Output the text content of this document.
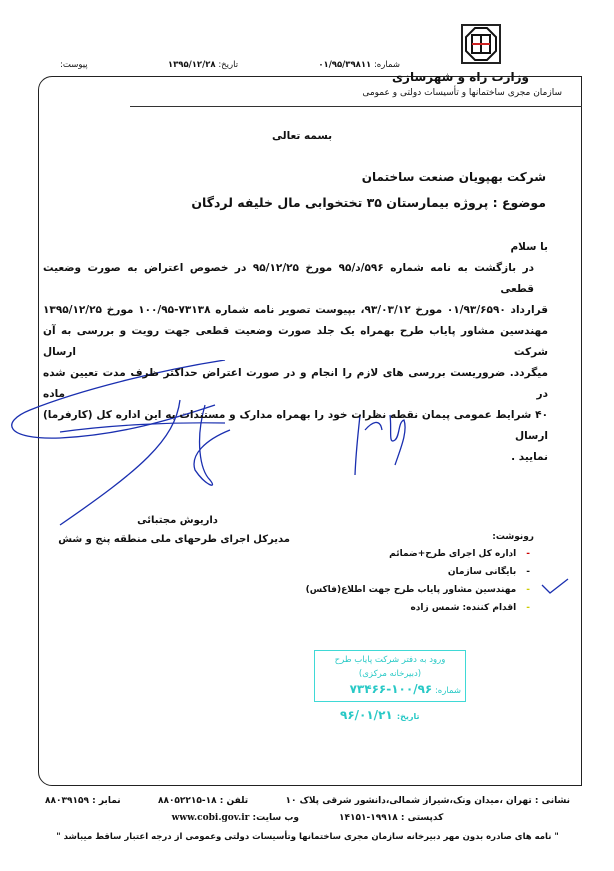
وزارت راه و شهرسازی
سازمان مجری ساختمانها و تأسیسات دولتی و عمومی
شماره: ۰۱/۹۵/۳۹۸۱۱
تاریخ: ۱۳۹۵/۱۲/۲۸
پیوست:
بسمه تعالی
شرکت بهپویان صنعت ساختمان
موضوع : پروژه بیمارستان ۳۵ تختخوابی مال خلیفه لردگان
با سلام
در بازگشت به نامه شماره ۵۹۶/د/۹۵ مورخ ۹۵/۱۲/۲۵ در خصوص اعتراض به صورت وضعیت قطعی
قرارداد ۰۱/۹۳/۶۵۹۰ مورخ ۹۳/۰۳/۱۲، بپیوست تصویر نامه شماره ۷۳۱۳۸-۱۰۰/۹۵ مورخ ۱۳۹۵/۱۲/۲۵
مهندسین مشاور پایاب طرح بهمراه یک جلد صورت وضعیت قطعی جهت رویت و بررسی به آن شرکت ارسال
میگردد. ضروریست بررسی های لازم را انجام و در صورت اعتراض حداکثر ظرف مدت تعیین شده در ماده
۴۰ شرایط عمومی پیمان نقطه نظرات خود را بهمراه مدارک و مستندات به این اداره کل (کارفرما) ارسال
نمایید .
داریوش مجتبائی
مدیرکل اجرای طرحهای ملی منطقه پنج و شش	رونوشت:
-اداره کل اجرای طرح+ضمائم
-بایگانی سازمان
-مهندسین مشاور پایاب طرح جهت اطلاع(فاکس)
-اقدام کننده: شمس زاده
ورود به دفتر شرکت پایاب طرح
(دبیرخانه مرکزی)
شماره: ۱۰۰/۹۶-۷۳۴۶۶
تاریخ: ۹۶/۰۱/۲۱
نشانی : تهران ،میدان ونک،شیراز شمالی،دانشور شرقی پلاک ۱۰
تلفن : ۱۸-۸۸۰۵۲۲۱۵
نمابر : ۸۸۰۳۹۱۵۹
کدپستی : ۱۹۹۱۸-۱۴۱۵۱
وب سایت: www.cobi.gov.ir
" نامه های صادره بدون مهر دبیرخانه سازمان مجری ساختمانها وتأسیسات دولتی وعمومی از درجه اعتبار ساقط میباشد "
